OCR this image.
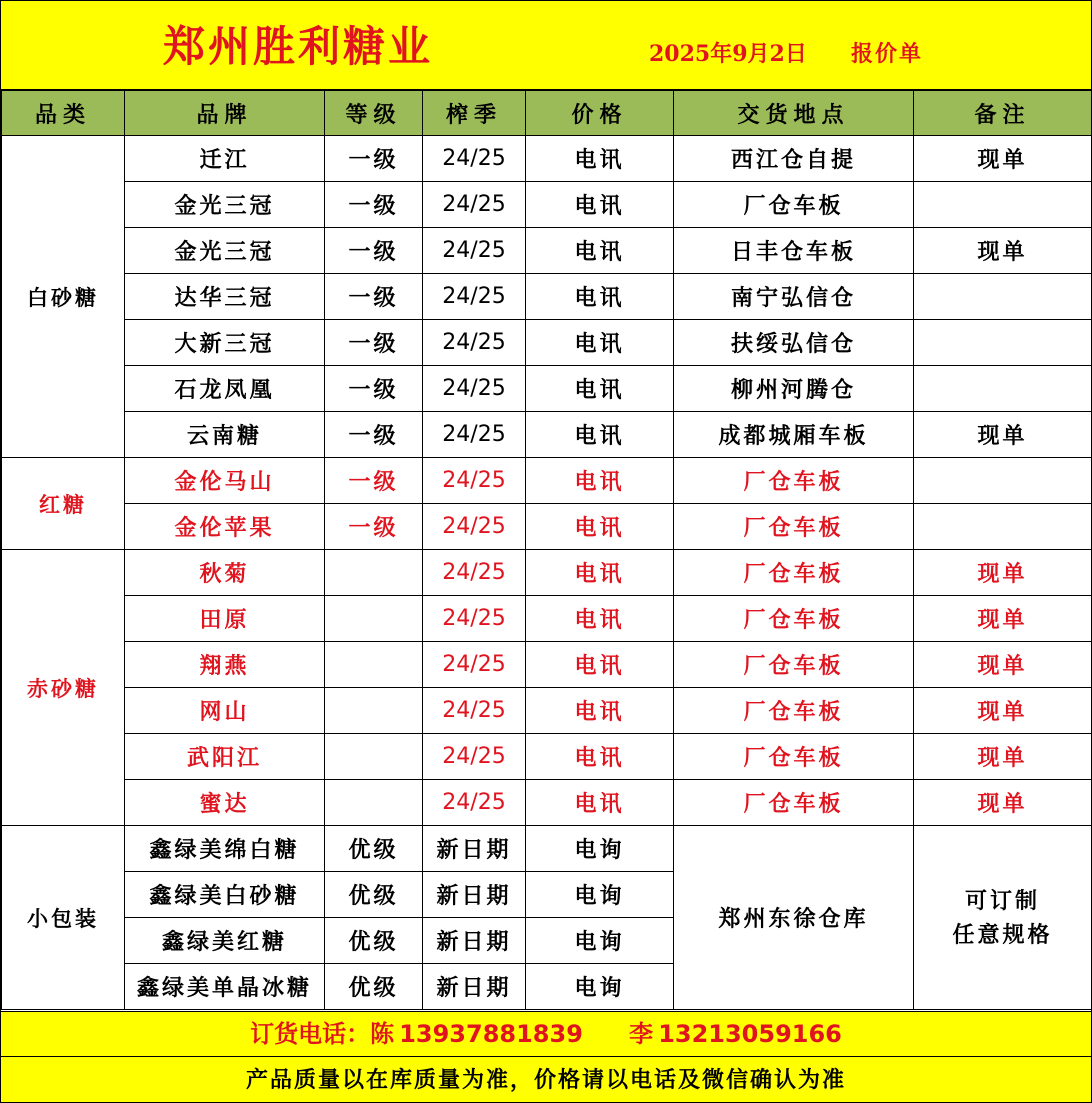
郑州胜利糖业	2025年9月2日 报价单
品类	品牌	等级	榨季	价格	交货地点	备注
白砂糖	迁江	一级	24/25	电讯	西江仓自提	现单
	金光三冠	一级	24/25	电讯	厂仓车板	
	金光三冠	一级	24/25	电讯	日丰仓车板	现单
	达华三冠	一级	24/25	电讯	南宁弘信仓	
	大新三冠	一级	24/25	电讯	扶绥弘信仓	
	石龙凤凰	一级	24/25	电讯	柳州河腾仓	
	云南糖	一级	24/25	电讯	成都城厢车板	现单
红糖	金伦马山	一级	24/25	电讯	厂仓车板	
	金伦苹果	一级	24/25	电讯	厂仓车板	
赤砂糖	秋菊		24/25	电讯	厂仓车板	现单
	田原		24/25	电讯	厂仓车板	现单
	翔燕		24/25	电讯	厂仓车板	现单
	网山		24/25	电讯	厂仓车板	现单
	武阳江		24/25	电讯	厂仓车板	现单
	蜜达		24/25	电讯	厂仓车板	现单
小包装	鑫绿美绵白糖	优级	新日期	电询	郑州东徐仓库	可订制
任意规格

	鑫绿美白砂糖	优级	新日期	电询		
	鑫绿美红糖	优级	新日期	电询		
	鑫绿美单晶冰糖	优级	新日期	电询		
订货电话：陈 13937881839 李 13213059166
产品质量以在库质量为准，价格请以电话及微信确认为准
